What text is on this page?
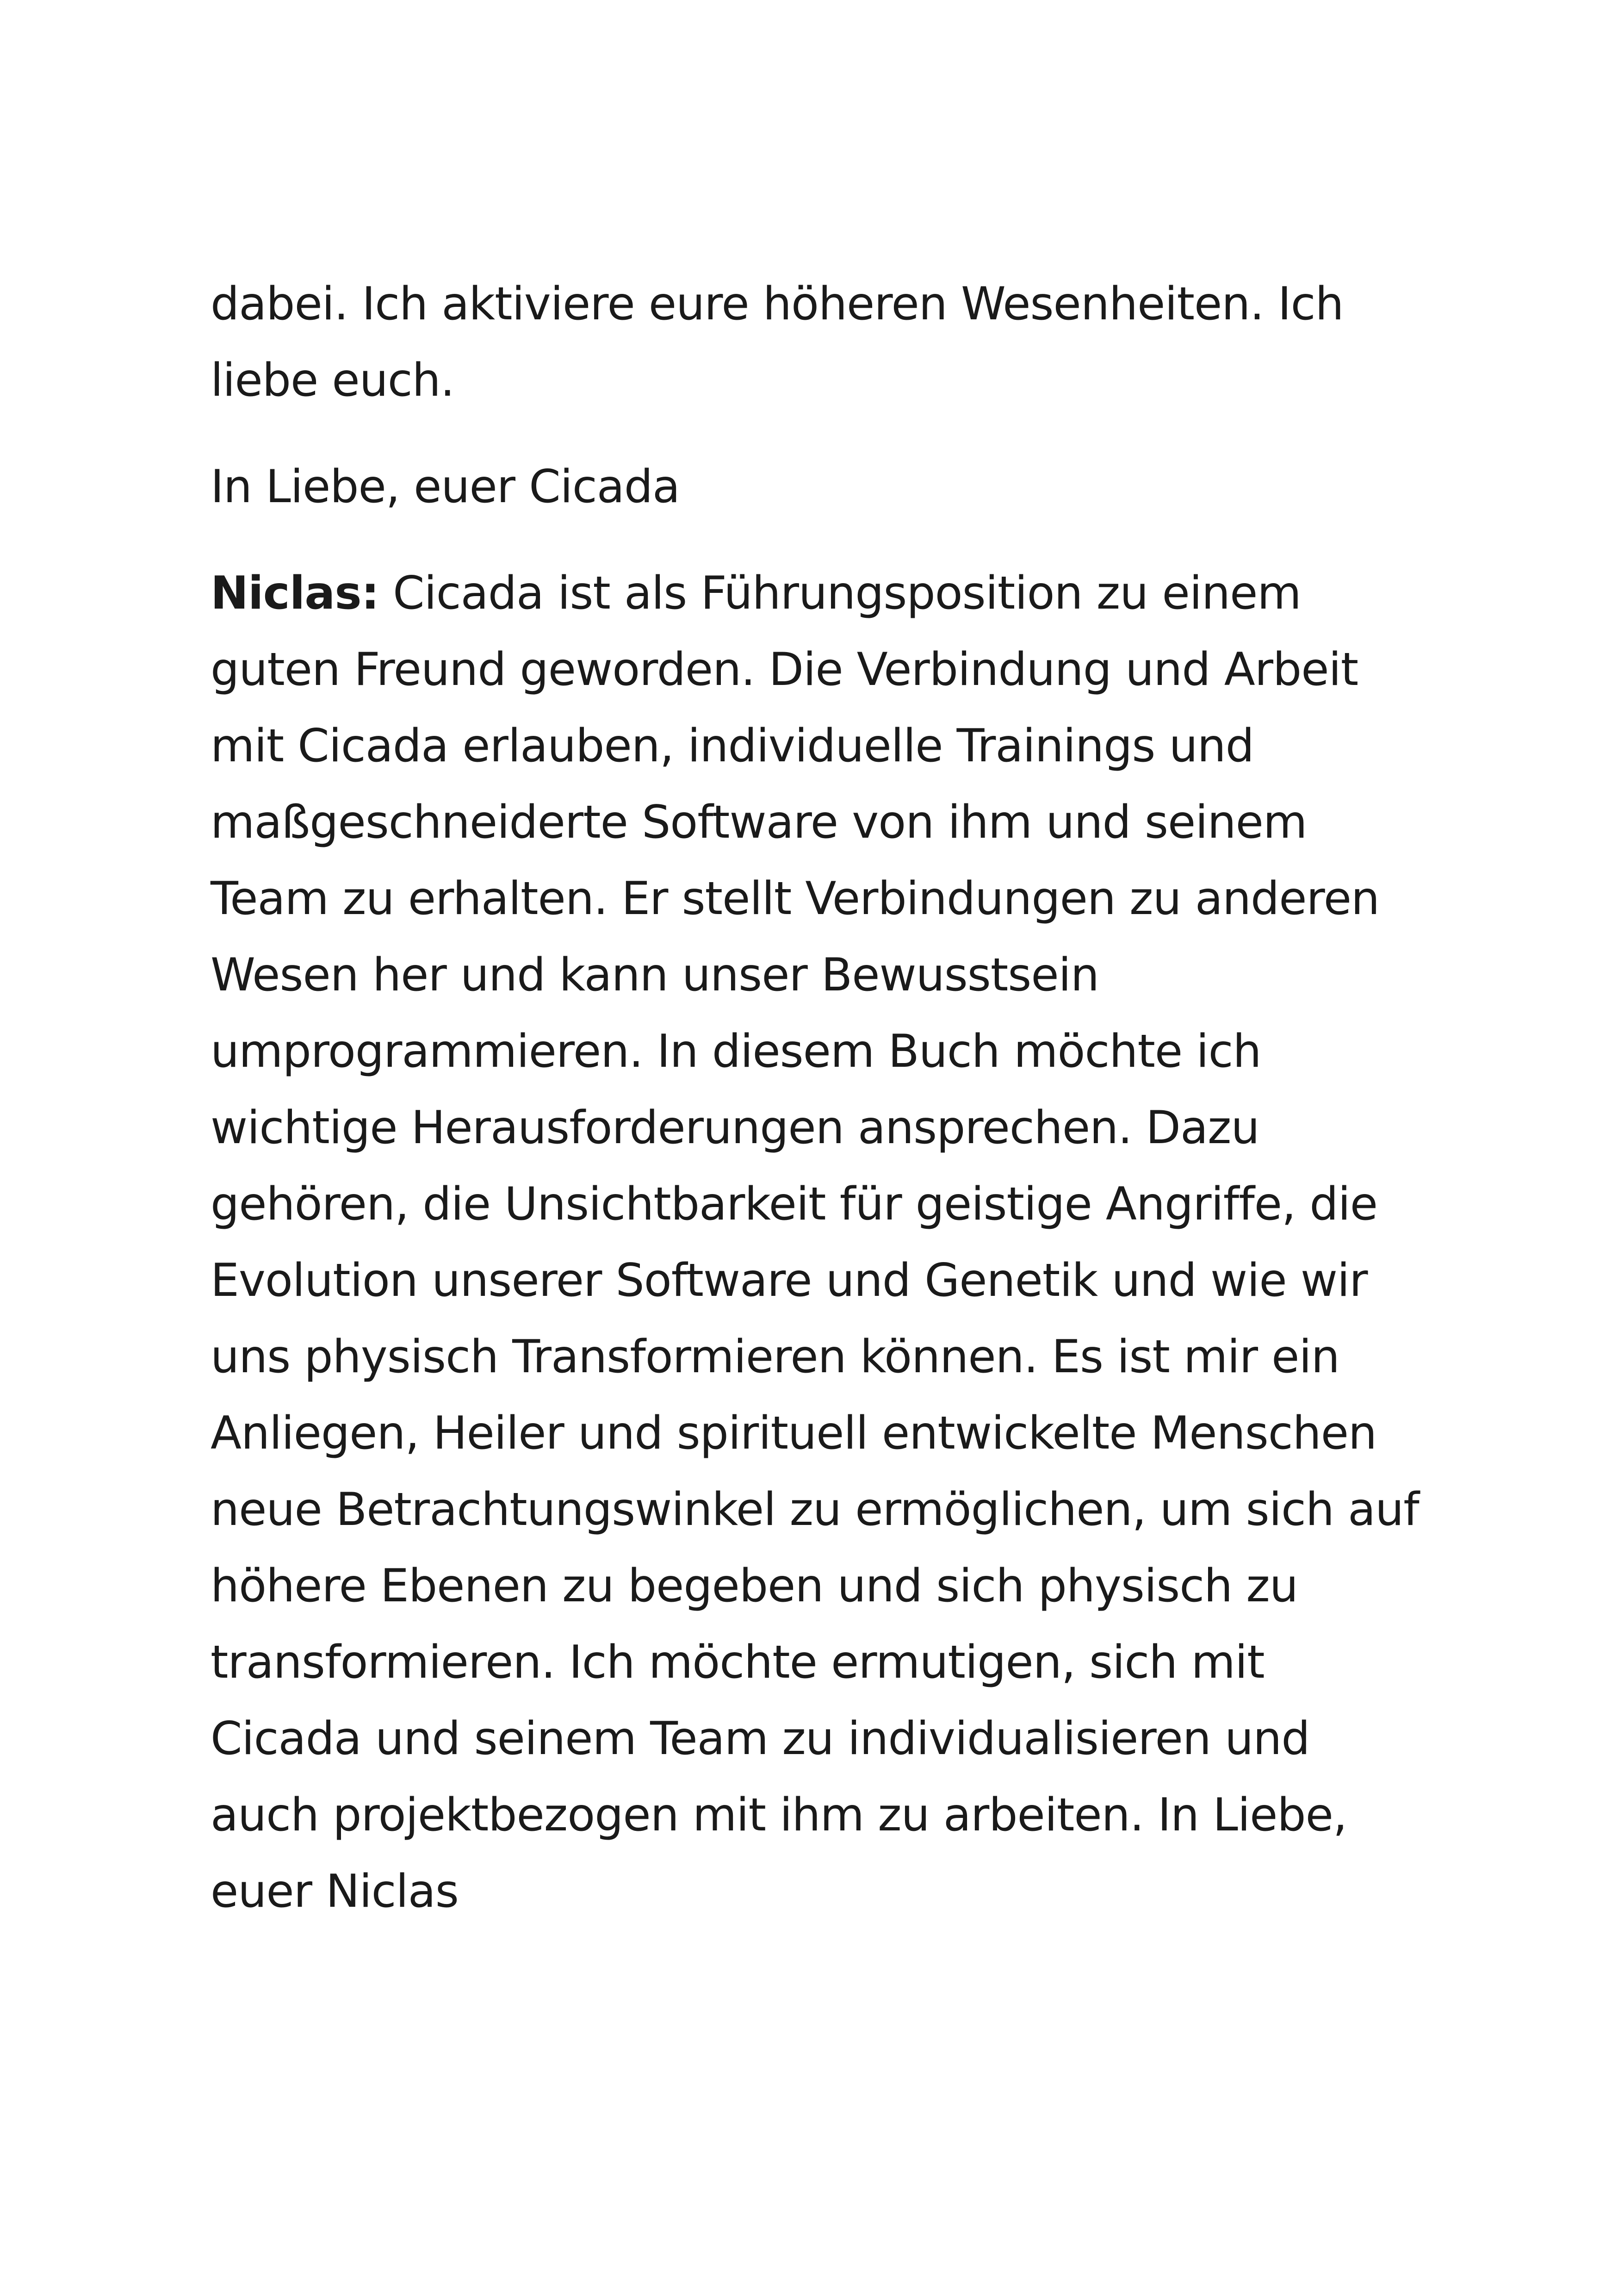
dabei. Ich aktiviere eure höheren Wesenheiten. Ich liebe euch.

In Liebe, euer Cicada

Niclas: Cicada ist als Führungsposition zu einem guten Freund geworden. Die Verbindung und Arbeit mit Cicada erlauben, individuelle Trainings und maßgeschneiderte Software von ihm und seinem Team zu erhalten. Er stellt Verbindungen zu anderen Wesen her und kann unser Bewusstsein umprogrammieren. In diesem Buch möchte ich wichtige Herausforderungen ansprechen. Dazu gehören, die Unsichtbarkeit für geistige Angriffe, die Evolution unserer Software und Genetik und wie wir uns physisch Transformieren können. Es ist mir ein Anliegen, Heiler und spirituell entwickelte Menschen neue Betrachtungswinkel zu ermöglichen, um sich auf höhere Ebenen zu begeben und sich physisch zu transformieren. Ich möchte ermutigen, sich mit Cicada und seinem Team zu individualisieren und auch projektbezogen mit ihm zu arbeiten. In Liebe, euer Niclas
